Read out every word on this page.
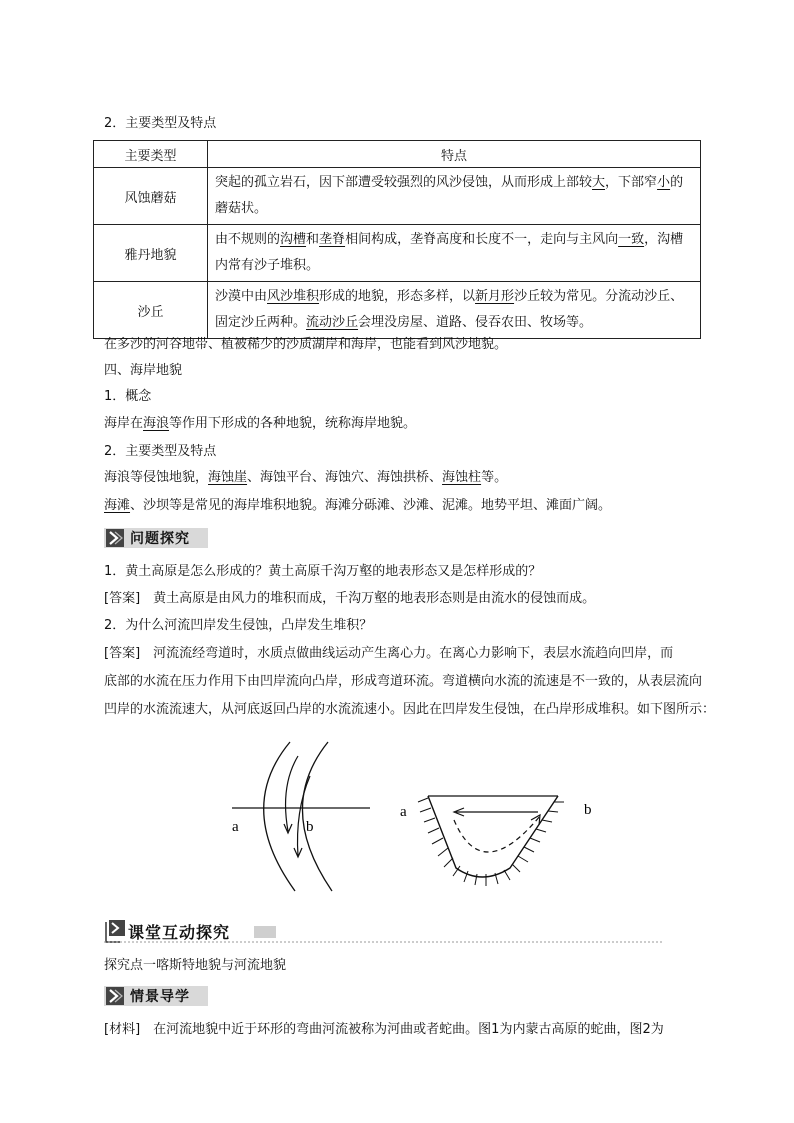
2．主要类型及特点
主要类型	特点
风蚀蘑菇	突起的孤立岩石，因下部遭受较强烈的风沙侵蚀，从而形成上部较大，下部窄小的蘑菇状。
雅丹地貌	由不规则的沟槽和垄脊相间构成，垄脊高度和长度不一，走向与主风向一致，沟槽内常有沙子堆积。
沙丘	沙漠中由风沙堆积形成的地貌，形态多样，以新月形沙丘较为常见。分流动沙丘、固定沙丘两种。流动沙丘会埋没房屋、道路、侵吞农田、牧场等。
在多沙的河谷地带、植被稀少的沙质湖岸和海岸，也能看到风沙地貌。
四、海岸地貌
1．概念
海岸在海浪等作用下形成的各种地貌，统称海岸地貌。
2．主要类型及特点
海浪等侵蚀地貌，海蚀崖、海蚀平台、海蚀穴、海蚀拱桥、海蚀柱等。
海滩、沙坝等是常见的海岸堆积地貌。海滩分砾滩、沙滩、泥滩。地势平坦、滩面广阔。
问题探究
1．黄土高原是怎么形成的？黄土高原千沟万壑的地表形态又是怎样形成的？
[答案]　 黄土高原是由风力的堆积而成，千沟万壑的地表形态则是由流水的侵蚀而成。
2．为什么河流凹岸发生侵蚀，凸岸发生堆积？
[答案]　 河流流经弯道时，水质点做曲线运动产生离心力。在离心力影响下，表层水流趋向凹岸，而
底部的水流在压力作用下由凹岸流向凸岸，形成弯道环流。弯道横向水流的流速是不一致的，从表层流向
凹岸的水流流速大，从河底返回凸岸的水流流速小。因此在凹岸发生侵蚀，在凸岸形成堆积。如下图所示：
a	b
a	b
课堂互动探究
探究点一喀斯特地貌与河流地貌
情景导学
[材料]　 在河流地貌中近于环形的弯曲河流被称为河曲或者蛇曲。图1为内蒙古高原的蛇曲，图2为
